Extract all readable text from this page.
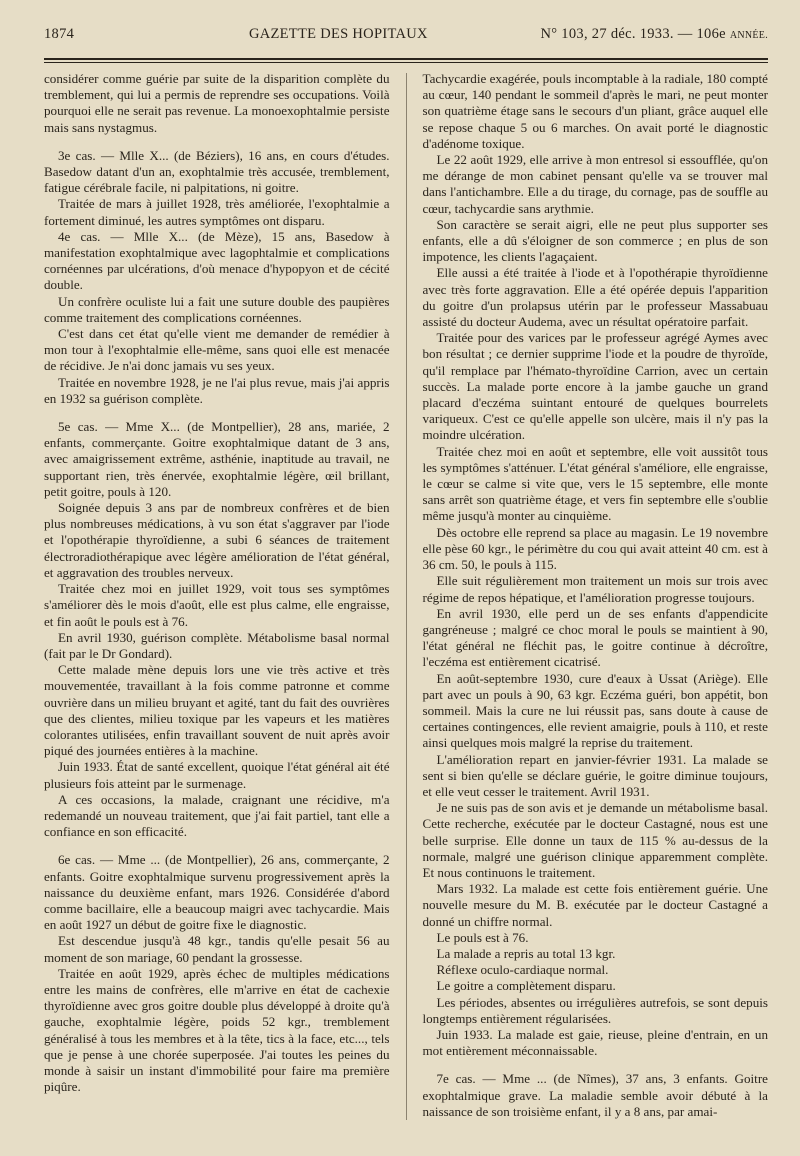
1874	GAZETTE DES HOPITAUX	N° 103, 27 déc. 1933. — 106e ANNÉE.

considérer comme guérie par suite de la disparition complète du tremblement, qui lui a permis de reprendre ses occupations. Voilà pourquoi elle ne serait pas revenue. La monoexophtalmie persiste mais sans nystagmus.

3e cas. — Mlle X... (de Béziers), 16 ans, en cours d'études. Basedow datant d'un an, exophtalmie très accusée, tremblement, fatigue cérébrale facile, ni palpitations, ni goitre.

Traitée de mars à juillet 1928, très améliorée, l'exophtalmie a fortement diminué, les autres symptômes ont disparu.

4e cas. — Mlle X... (de Mèze), 15 ans, Basedow à manifestation exophtalmique avec lagophtalmie et complications cornéennes par ulcérations, d'où menace d'hypopyon et de cécité double.

Un confrère oculiste lui a fait une suture double des paupières comme traitement des complications cornéennes.

C'est dans cet état qu'elle vient me demander de remédier à mon tour à l'exophtalmie elle-même, sans quoi elle est menacée de récidive. Je n'ai donc jamais vu ses yeux.

Traitée en novembre 1928, je ne l'ai plus revue, mais j'ai appris en 1932 sa guérison complète.

5e cas. — Mme X... (de Montpellier), 28 ans, mariée, 2 enfants, commerçante. Goitre exophtalmique datant de 3 ans, avec amaigrissement extrême, asthénie, inaptitude au travail, ne supportant rien, très énervée, exophtalmie légère, œil brillant, petit goitre, pouls à 120.

Soignée depuis 3 ans par de nombreux confrères et de bien plus nombreuses médications, à vu son état s'aggraver par l'iode et l'opothérapie thyroïdienne, a subi 6 séances de traitement électroradiothérapique avec légère amélioration de l'état général, et aggravation des troubles nerveux.

Traitée chez moi en juillet 1929, voit tous ses symptômes s'améliorer dès le mois d'août, elle est plus calme, elle engraisse, et fin août le pouls est à 76.

En avril 1930, guérison complète. Métabolisme basal normal (fait par le Dr Gondard).

Cette malade mène depuis lors une vie très active et très mouvementée, travaillant à la fois comme patronne et comme ouvrière dans un milieu bruyant et agité, tant du fait des ouvrières que des clientes, milieu toxique par les vapeurs et les matières colorantes utilisées, enfin travaillant souvent de nuit après avoir piqué des journées entières à la machine.

Juin 1933. État de santé excellent, quoique l'état général ait été plusieurs fois atteint par le surmenage.

A ces occasions, la malade, craignant une récidive, m'a redemandé un nouveau traitement, que j'ai fait partiel, tant elle a confiance en son efficacité.

6e cas. — Mme ... (de Montpellier), 26 ans, commerçante, 2 enfants. Goitre exophtalmique survenu progressivement après la naissance du deuxième enfant, mars 1926. Considérée d'abord comme bacillaire, elle a beaucoup maigri avec tachycardie. Mais en août 1927 un début de goitre fixe le diagnostic.

Est descendue jusqu'à 48 kgr., tandis qu'elle pesait 56 au moment de son mariage, 60 pendant la grossesse.

Traitée en août 1929, après échec de multiples médications entre les mains de confrères, elle m'arrive en état de cachexie thyroïdienne avec gros goitre double plus développé à droite qu'à gauche, exophtalmie légère, poids 52 kgr., tremblement généralisé à tous les membres et à la tête, tics à la face, etc..., tels que je pense à une chorée superposée. J'ai toutes les peines du monde à saisir un instant d'immobilité pour faire ma première piqûre.

Tachycardie exagérée, pouls incomptable à la radiale, 180 compté au cœur, 140 pendant le sommeil d'après le mari, ne peut monter son quatrième étage sans le secours d'un pliant, grâce auquel elle se repose chaque 5 ou 6 marches. On avait porté le diagnostic d'adénome toxique.

Le 22 août 1929, elle arrive à mon entresol si essoufflée, qu'on me dérange de mon cabinet pensant qu'elle va se trouver mal dans l'antichambre. Elle a du tirage, du cornage, pas de souffle au cœur, tachycardie sans arythmie.

Son caractère se serait aigri, elle ne peut plus supporter ses enfants, elle a dû s'éloigner de son commerce ; en plus de son impotence, les clients l'agaçaient.

Elle aussi a été traitée à l'iode et à l'opothérapie thyroïdienne avec très forte aggravation. Elle a été opérée depuis l'apparition du goitre d'un prolapsus utérin par le professeur Massabuau assisté du docteur Audema, avec un résultat opératoire parfait.

Traitée pour des varices par le professeur agrégé Aymes avec bon résultat ; ce dernier supprime l'iode et la poudre de thyroïde, qu'il remplace par l'hémato-thyroïdine Carrion, avec un certain succès. La malade porte encore à la jambe gauche un grand placard d'eczéma suintant entouré de quelques bourrelets variqueux. C'est ce qu'elle appelle son ulcère, mais il n'y pas la moindre ulcération.

Traitée chez moi en août et septembre, elle voit aussitôt tous les symptômes s'atténuer. L'état général s'améliore, elle engraisse, le cœur se calme si vite que, vers le 15 septembre, elle monte sans arrêt son quatrième étage, et vers fin septembre elle s'oublie même jusqu'à monter au cinquième.

Dès octobre elle reprend sa place au magasin. Le 19 novembre elle pèse 60 kgr., le périmètre du cou qui avait atteint 40 cm. est à 36 cm. 50, le pouls à 115.

Elle suit régulièrement mon traitement un mois sur trois avec régime de repos hépatique, et l'amélioration progresse toujours.

En avril 1930, elle perd un de ses enfants d'appendicite gangréneuse ; malgré ce choc moral le pouls se maintient à 90, l'état général ne fléchit pas, le goitre continue à décroître, l'eczéma est entièrement cicatrisé.

En août-septembre 1930, cure d'eaux à Ussat (Ariège). Elle part avec un pouls à 90, 63 kgr. Eczéma guéri, bon appétit, bon sommeil. Mais la cure ne lui réussit pas, sans doute à cause de certaines contingences, elle revient amaigrie, pouls à 110, et reste ainsi quelques mois malgré la reprise du traitement.

L'amélioration repart en janvier-février 1931. La malade se sent si bien qu'elle se déclare guérie, le goitre diminue toujours, et elle veut cesser le traitement. Avril 1931.

Je ne suis pas de son avis et je demande un métabolisme basal. Cette recherche, exécutée par le docteur Castagné, nous est une belle surprise. Elle donne un taux de 115 % au-dessus de la normale, malgré une guérison clinique apparemment complète. Et nous continuons le traitement.

Mars 1932. La malade est cette fois entièrement guérie. Une nouvelle mesure du M. B. exécutée par le docteur Castagné a donné un chiffre normal.

Le pouls est à 76.

La malade a repris au total 13 kgr.

Réflexe oculo-cardiaque normal.

Le goitre a complètement disparu.

Les périodes, absentes ou irrégulières autrefois, se sont depuis longtemps entièrement régularisées.

Juin 1933. La malade est gaie, rieuse, pleine d'entrain, en un mot entièrement méconnaissable.

7e cas. — Mme ... (de Nîmes), 37 ans, 3 enfants. Goitre exophtalmique grave. La maladie semble avoir débuté à la naissance de son troisième enfant, il y a 8 ans, par amai-
